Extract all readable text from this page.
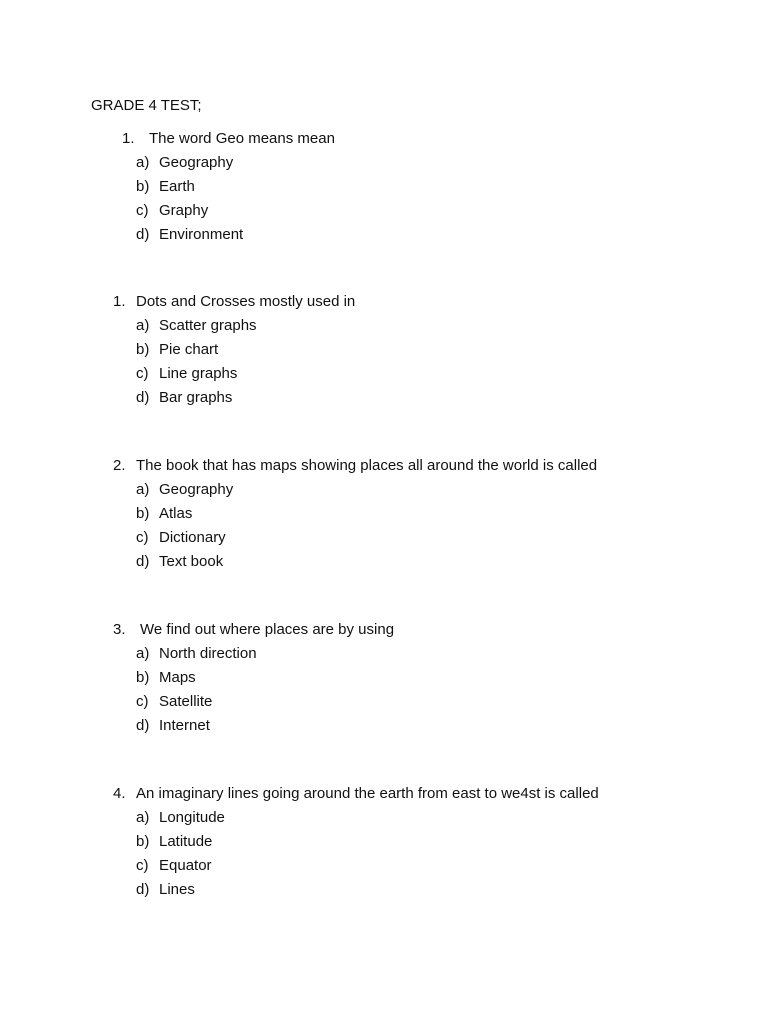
GRADE 4 TEST;
1. The word Geo means mean
a) Geography
b) Earth
c) Graphy
d) Environment
1. Dots and Crosses mostly used in
a) Scatter graphs
b) Pie chart
c) Line graphs
d) Bar graphs
2. The book that has maps showing places all around the world is called
a) Geography
b) Atlas
c) Dictionary
d) Text book
3. We find out where places are by using
a) North direction
b) Maps
c) Satellite
d) Internet
4. An imaginary lines going around the earth from east to we4st is called
a) Longitude
b) Latitude
c) Equator
d) Lines
